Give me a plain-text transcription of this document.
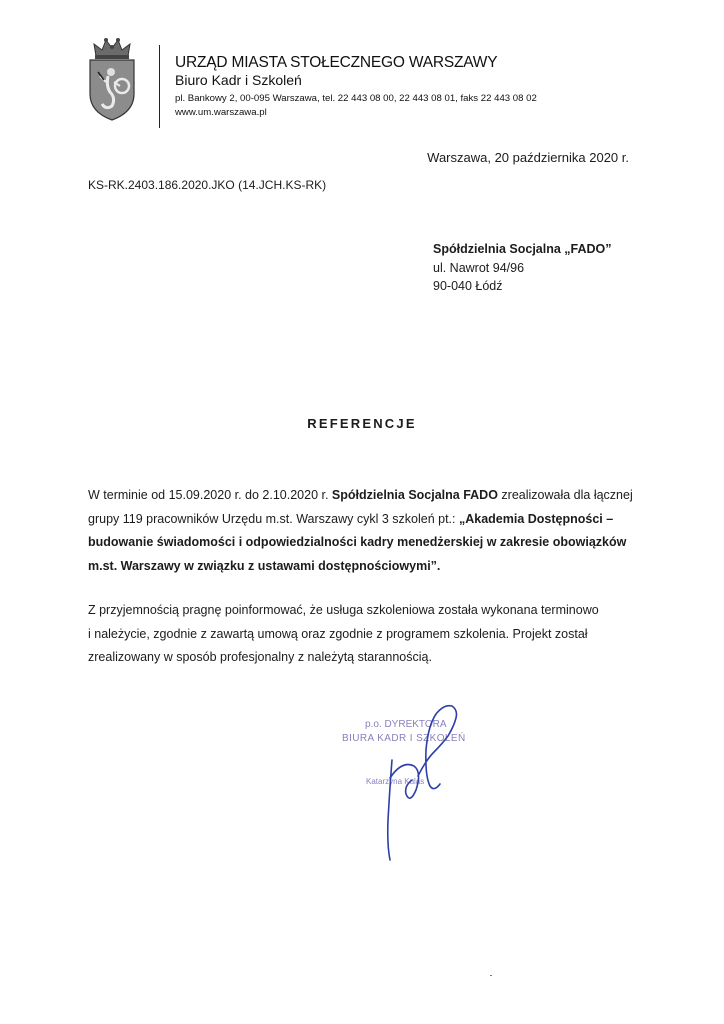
URZĄD MIASTA STOŁECZNEGO WARSZAWY
Biuro Kadr i Szkoleń
pl. Bankowy 2, 00-095 Warszawa, tel. 22 443 08 00, 22 443 08 01, faks 22 443 08 02
www.um.warszawa.pl
Warszawa, 20 października 2020 r.
KS-RK.2403.186.2020.JKO (14.JCH.KS-RK)
Spółdzielnia Socjalna „FADO”
ul. Nawrot 94/96
90-040 Łódź
REFERENCJE
W terminie od 15.09.2020 r. do 2.10.2020 r. Spółdzielnia Socjalna FADO zrealizowała dla łącznej
grupy 119 pracowników Urzędu m.st. Warszawy cykl 3 szkoleń pt.: „Akademia Dostępności –
budowanie świadomości i odpowiedzialności kadry menedżerskiej w zakresie obowiązków
m.st. Warszawy w związku z ustawami dostępnościowymi”.
Z przyjemnością pragnę poinformować, że usługa szkoleniowa została wykonana terminowo
i należycie, zgodnie z zawartą umową oraz zgodnie z programem szkolenia. Projekt został
zrealizowany w sposób profesjonalny z należytą starannością.
p.o. DYREKTORA
BIURA KADR I SZKOLEŃ
Katarzyna Kulas
